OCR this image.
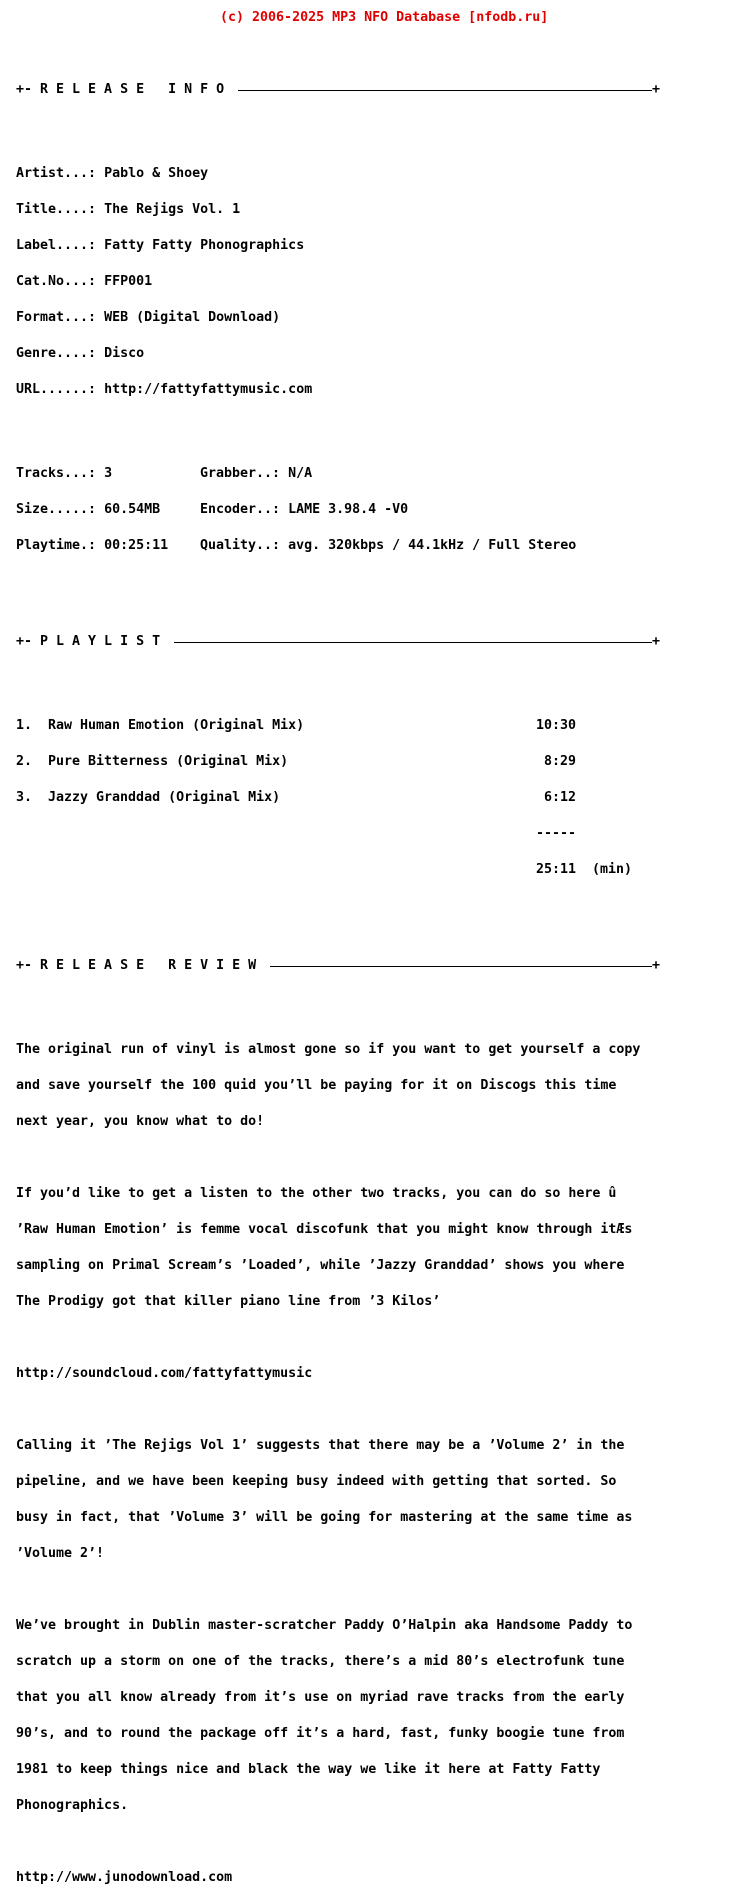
(c) 2006-2025 MP3 NFO Database [nfodb.ru]

+- R E L E A S E   I N F O

	+

Artist...: Pablo & Shoey

Title....: The Rejigs Vol. 1

Label....: Fatty Fatty Phonographics

Cat.No...: FFP001

Format...: WEB (Digital Download)

Genre....: Disco

URL......: http://fattyfattymusic.com

Tracks...: 3	Grabber..: N/A

Size.....: 60.54MB	Encoder..: LAME 3.98.4 -V0

Playtime.: 00:25:11 Quality..: avg. 320kbps / 44.1kHz / Full Stereo

+- P L A Y L I S T

	+

1. Raw Human Emotion (Original Mix)	10:30

2. Pure Bitterness (Original Mix)	8:29

3. Jazzy Granddad (Original Mix)	6:12

-----

25:11 (min)

+- R E L E A S E   R E V I E W

	+

The original run of vinyl is almost gone so if you want to get yourself a copy

and save yourself the 100 quid you’ll be paying for it on Discogs this time

next year, you know what to do!

If you’d like to get a listen to the other two tracks, you can do so here û

’Raw Human Emotion’ is femme vocal discofunk that you might know through itÆs

sampling on Primal Scream’s ’Loaded’, while ’Jazzy Granddad’ shows you where

The Prodigy got that killer piano line from ’3 Kilos’

http://soundcloud.com/fattyfattymusic

Calling it ’The Rejigs Vol 1’ suggests that there may be a ’Volume 2’ in the

pipeline, and we have been keeping busy indeed with getting that sorted. So

busy in fact, that ’Volume 3’ will be going for mastering at the same time as

’Volume 2’!

We’ve brought in Dublin master-scratcher Paddy O’Halpin aka Handsome Paddy to

scratch up a storm on one of the tracks, there’s a mid 80’s electrofunk tune

that you all know already from it’s use on myriad rave tracks from the early

90’s, and to round the package off it’s a hard, fast, funky boogie tune from

1981 to keep things nice and black the way we like it here at Fatty Fatty

Phonographics.

http://www.junodownload.com
